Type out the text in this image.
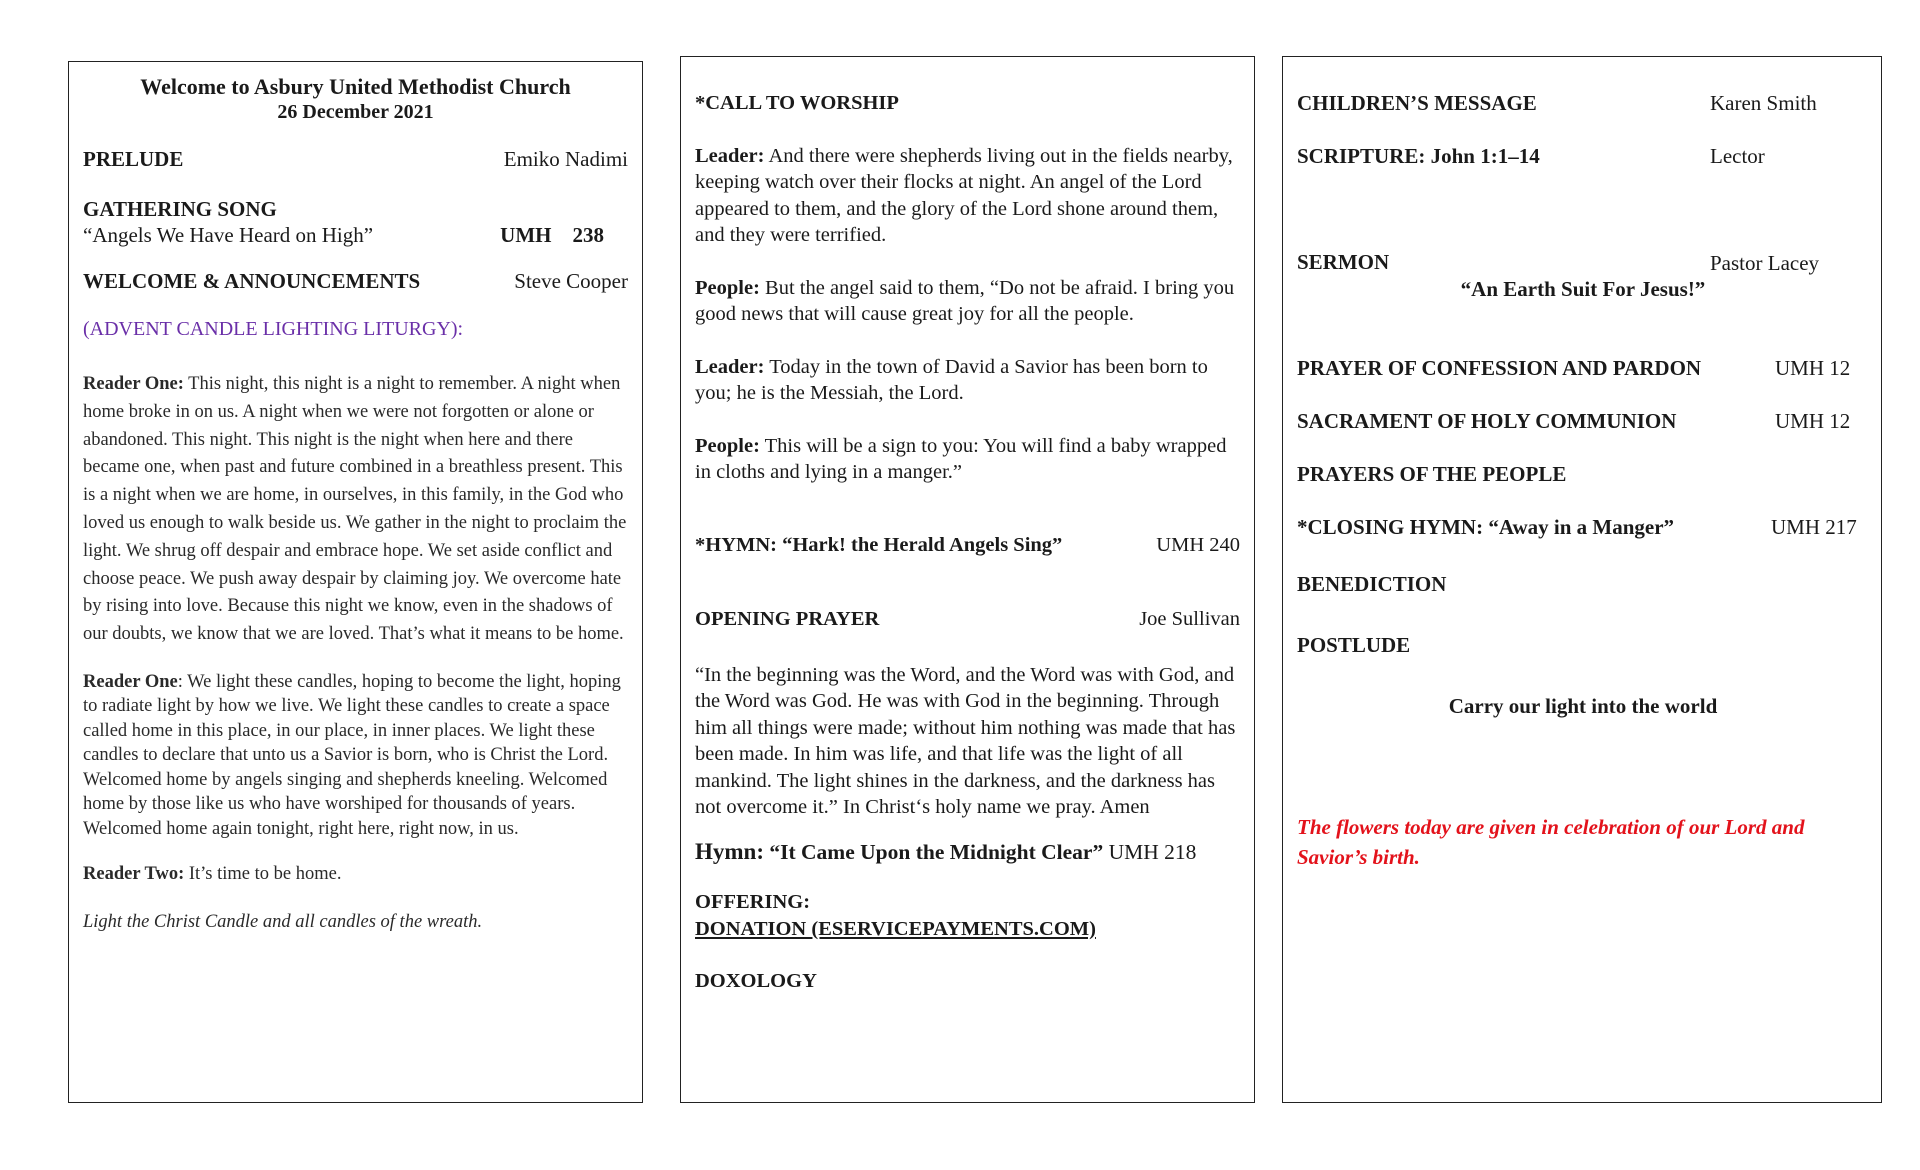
Welcome to Asbury United Methodist Church
26 December 2021
PRELUDE	Emiko Nadimi
GATHERING SONG
“Angels We Have Heard on High”	UMH    238
WELCOME & ANNOUNCEMENTS	Steve Cooper
(ADVENT CANDLE LIGHTING LITURGY):
Reader One: This night, this night is a night to remember. A night when home broke in on us. A night when we were not forgotten or alone or abandoned. This night. This night is the night when here and there became one, when past and future combined in a breathless present. This is a night when we are home, in ourselves, in this family, in the God who loved us enough to walk beside us. We gather in the night to proclaim the light. We shrug off despair and embrace hope. We set aside conflict and choose peace. We push away despair by claiming joy. We overcome hate by rising into love. Because this night we know, even in the shadows of our doubts, we know that we are loved. That’s what it means to be home.
Reader One: We light these candles, hoping to become the light, hoping to radiate light by how we live. We light these candles to create a space called home in this place, in our place, in inner places. We light these candles to declare that unto us a Savior is born, who is Christ the Lord. Welcomed home by angels singing and shepherds kneeling. Welcomed home by those like us who have worshiped for thousands of years. Welcomed home again tonight, right here, right now, in us.
Reader Two: It’s time to be home.
Light the Christ Candle and all candles of the wreath.
*CALL TO WORSHIP
Leader: And there were shepherds living out in the fields nearby, keeping watch over their flocks at night. An angel of the Lord appeared to them, and the glory of the Lord shone around them, and they were terrified.
People: But the angel said to them, “Do not be afraid. I bring you good news that will cause great joy for all the people.
Leader: Today in the town of David a Savior has been born to you; he is the Messiah, the Lord.
People: This will be a sign to you: You will find a baby wrapped in cloths and lying in a manger.”
*HYMN: “Hark! the Herald Angels Sing”	UMH 240
OPENING PRAYER	Joe Sullivan
“In the beginning was the Word, and the Word was with God, and the Word was God. He was with God in the beginning. Through him all things were made; without him nothing was made that has been made. In him was life, and that life was the light of all mankind. The light shines in the darkness, and the darkness has not overcome it.” In Christ‘s holy name we pray. Amen
Hymn: “It Came Upon the Midnight Clear” UMH 218
OFFERING:
DONATION (ESERVICEPAYMENTS.COM)
DOXOLOGY
CHILDREN’S MESSAGE	Karen Smith
SCRIPTURE: John 1:1–14	Lector
SERMON	Pastor Lacey
“An Earth Suit For Jesus!”
PRAYER OF CONFESSION AND PARDON	UMH 12
SACRAMENT OF HOLY COMMUNION	UMH 12
PRAYERS OF THE PEOPLE
*CLOSING HYMN: “Away in a Manger”	UMH 217
BENEDICTION
POSTLUDE
Carry our light into the world
The flowers today are given in celebration of our Lord and Savior’s birth.
